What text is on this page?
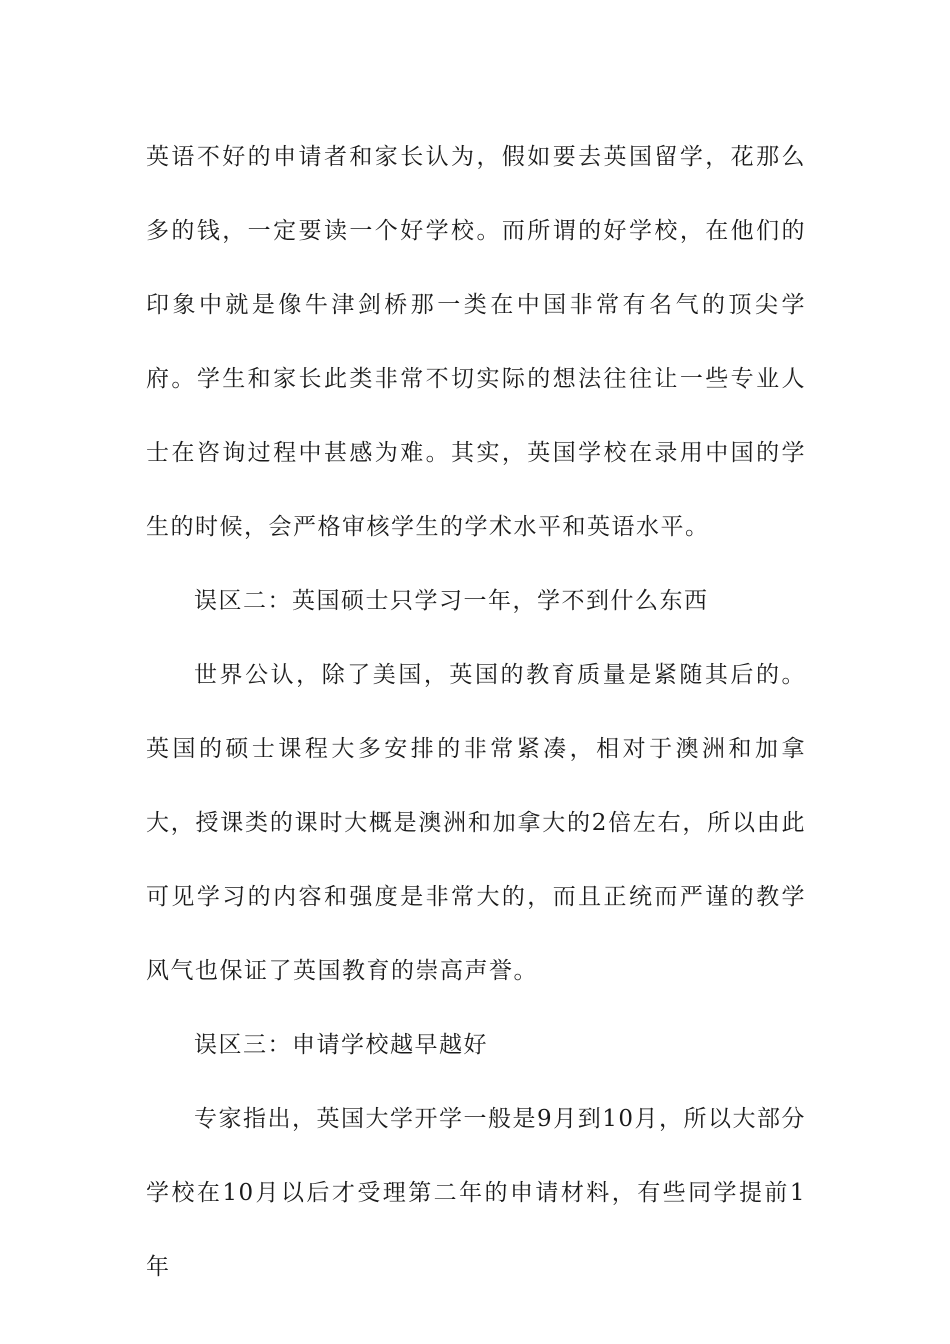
英语不好的申请者和家长认为，假如要去英国留学，花那么多的钱，一定要读一个好学校。而所谓的好学校，在他们的印象中就是像牛津剑桥那一类在中国非常有名气的顶尖学府。学生和家长此类非常不切实际的想法往往让一些专业人士在咨询过程中甚感为难。其实，英国学校在录用中国的学生的时候，会严格审核学生的学术水平和英语水平。

误区二：英国硕士只学习一年，学不到什么东西

世界公认，除了美国，英国的教育质量是紧随其后的。英国的硕士课程大多安排的非常紧凑，相对于澳洲和加拿大，授课类的课时大概是澳洲和加拿大的2倍左右，所以由此可见学习的内容和强度是非常大的，而且正统而严谨的教学风气也保证了英国教育的崇高声誉。

误区三：申请学校越早越好

专家指出，英国大学开学一般是9月到10月，所以大部分学校在10月以后才受理第二年的申请材料，有些同学提前1年
